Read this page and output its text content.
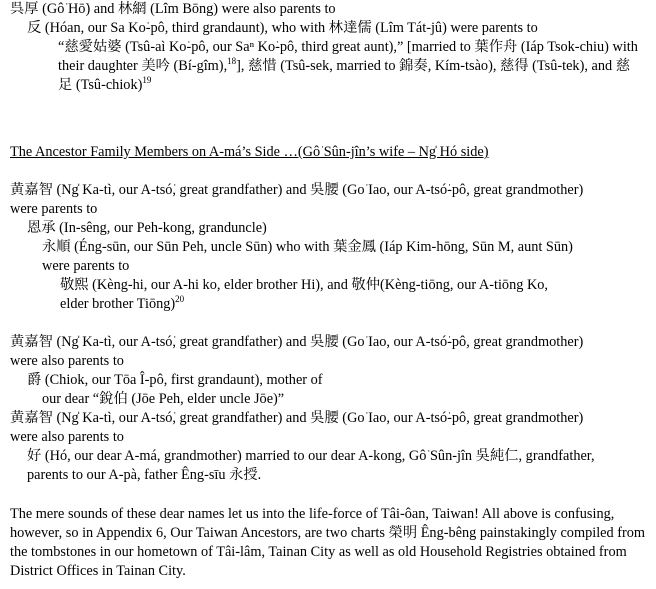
呉厚 (Gô͘ Hō͘) and 林網 (Lîm Bōng) were also parents to

反 (Hóan, our Sa Ko͘-pô, third grandaunt), who with 林達儒 (Lîm Tát-jû) were parents to

“慈愛姑婆 (Tsû-aì Ko͘-pô, our Saⁿ Ko͘-pô, third great aunt),” [married to 葉作舟 (Iáp Tsok-chiu) with their daughter 美吟 (Bí-gîm),$^{18}$], 慈惜 (Tsû-sek, married to 錦奏, Kím-tsào), 慈得 (Tsû-tek), and 慈足 (Tsû-chiok)$^{19}$

The Ancestor Family Members on A-má’s Side …(Gô͘ Sûn-jîn’s wife – Ng̍ Hó side)

黄嘉智 (Ng̍ Ka-tì, our A-tsó͘, great grandfather) and 吳腰 (Go͘ Iao, our A-tsó͘-pô, great grandmother) were parents to

恩承 (In-sêng, our Peh-kong, granduncle)

永順 (Éng-sūn, our Sūn Peh, uncle Sūn) who with 葉金鳳 (Iáp Kim-hōng, Sūn M, aunt Sūn) were parents to

敬熙 (Kèng-hi, our A-hi ko, elder brother Hi), and 敬仲(Kèng-tiōng, our A-tiōng Ko, elder brother Tiōng)$^{20}$

黄嘉智 (Ng̍ Ka-tì, our A-tsó͘, great grandfather) and 吳腰 (Go͘ Iao, our A-tsó͘-pô, great grandmother) were also parents to

爵 (Chiok, our Tōa Î-pô, first grandaunt), mother of

our dear “銳伯 (Jōe Peh, elder uncle Jōe)”

黄嘉智 (Ng̍ Ka-tì, our A-tsó͘, great grandfather) and 吳腰 (Go͘ Iao, our A-tsó͘-pô, great grandmother) were also parents to

好 (Hó, our dear A-má, grandmother) married to our dear A-kong, Gô͘ Sûn-jîn 吳純仁, grandfather, parents to our A-pà, father Êng-sīu 永授.

The mere sounds of these dear names let us into the life-force of Tâi-ôan, Taiwan! All above is confusing, however, so in Appendix 6, Our Taiwan Ancestors, are two charts 榮明 Êng-bêng painstakingly compiled from the tombstones in our hometown of Tâi-lâm, Tainan City as well as old Household Registries obtained from District Offices in Tainan City.
